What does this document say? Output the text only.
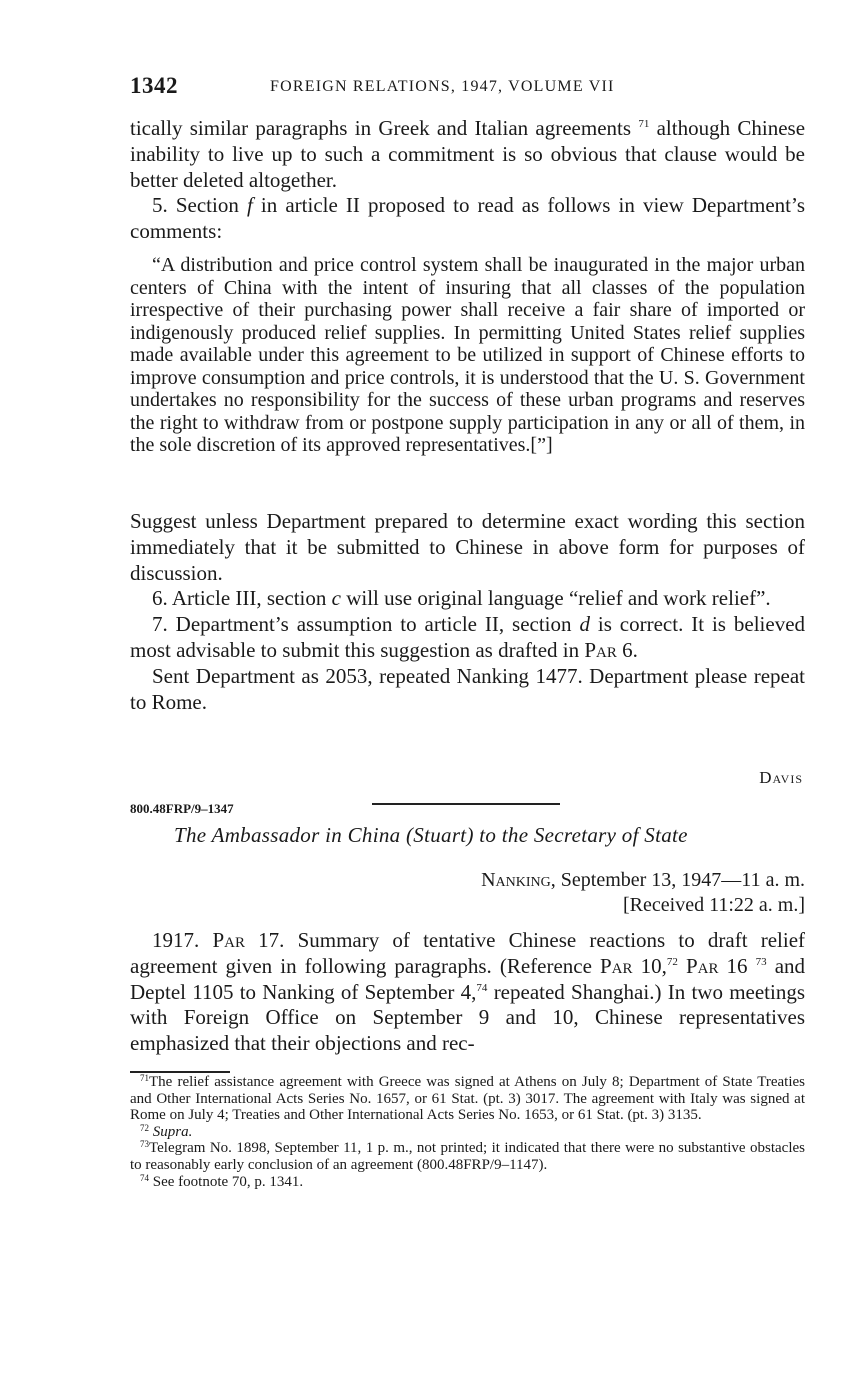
1342	FOREIGN RELATIONS, 1947, VOLUME VII

tically similar paragraphs in Greek and Italian agreements $^{71}$ although Chinese inability to live up to such a commitment is so obvious that clause would be better deleted altogether.

5. Section f in article II proposed to read as follows in view Department’s comments:

“A distribution and price control system shall be inaugurated in the major urban centers of China with the intent of insuring that all classes of the population irrespective of their purchasing power shall receive a fair share of imported or indigenously produced relief supplies. In permitting United States relief supplies made available under this agreement to be utilized in support of Chinese efforts to improve consumption and price controls, it is understood that the U. S. Government undertakes no responsibility for the success of these urban programs and reserves the right to withdraw from or postpone supply participation in any or all of them, in the sole discretion of its approved representatives.[”]

Suggest unless Department prepared to determine exact wording this section immediately that it be submitted to Chinese in above form for purposes of discussion.

6. Article III, section c will use original language “relief and work relief”.

7. Department’s assumption to article II, section d is correct. It is believed most advisable to submit this suggestion as drafted in Par 6.

Sent Department as 2053, repeated Nanking 1477. Department please repeat to Rome.

Davis
800.48FRP/9–1347
The Ambassador in China (Stuart) to the Secretary of State
Nanking, September 13, 1947—11 a. m.
[Received 11:22 a. m.]

1917. Par 17. Summary of tentative Chinese reactions to draft relief agreement given in following paragraphs. (Reference Par 10,72 Par 16 $^{73}$ and Deptel 1105 to Nanking of September 4,74 repeated Shanghai.) In two meetings with Foreign Office on September 9 and 10, Chinese representatives emphasized that their objections and rec-

$^{71}$The relief assistance agreement with Greece was signed at Athens on July 8; Department of State Treaties and Other International Acts Series No. 1657, or 61 Stat. (pt. 3) 3017. The agreement with Italy was signed at Rome on July 4; Treaties and Other International Acts Series No. 1653, or 61 Stat. (pt. 3) 3135.

$^{72}$ Supra.

$^{73}$Telegram No. 1898, September 11, 1 p. m., not printed; it indicated that there were no substantive obstacles to reasonably early conclusion of an agreement (800.48FRP/9–1147).

$^{74}$ See footnote 70, p. 1341.
